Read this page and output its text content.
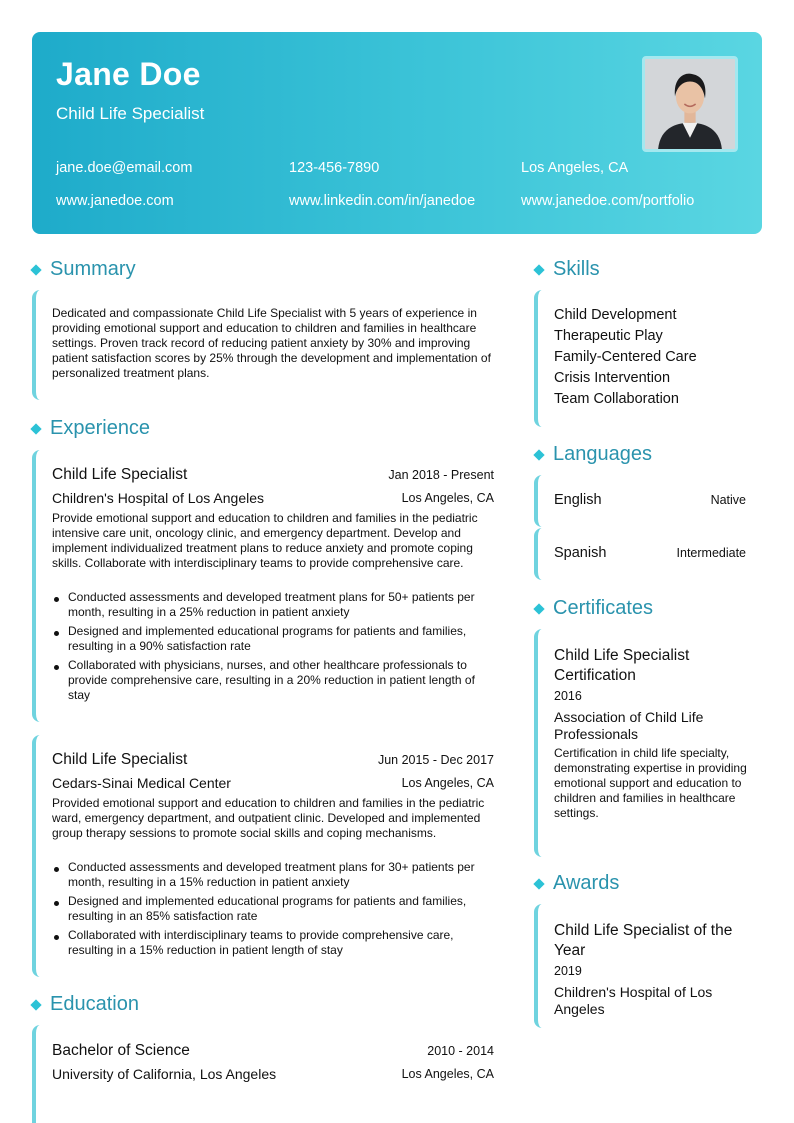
Jane Doe
Child Life Specialist
jane.doe@email.com	123-456-7890	Los Angeles, CA
www.janedoe.com	www.linkedin.com/in/janedoe	www.janedoe.com/portfolio
Summary
Dedicated and compassionate Child Life Specialist with 5 years of experience in providing emotional support and education to children and families in healthcare settings. Proven track record of reducing patient anxiety by 30% and improving patient satisfaction scores by 25% through the development and implementation of personalized treatment plans.
Experience
Child Life Specialist	Jan 2018 - Present
Children's Hospital of Los Angeles	Los Angeles, CA
Provide emotional support and education to children and families in the pediatric intensive care unit, oncology clinic, and emergency department. Develop and implement individualized treatment plans to reduce anxiety and promote coping skills. Collaborate with interdisciplinary teams to provide comprehensive care.
Conducted assessments and developed treatment plans for 50+ patients per month, resulting in a 25% reduction in patient anxiety
Designed and implemented educational programs for patients and families, resulting in a 90% satisfaction rate
Collaborated with physicians, nurses, and other healthcare professionals to provide comprehensive care, resulting in a 20% reduction in patient length of stay
Child Life Specialist	Jun 2015 - Dec 2017
Cedars-Sinai Medical Center	Los Angeles, CA
Provided emotional support and education to children and families in the pediatric ward, emergency department, and outpatient clinic. Developed and implemented group therapy sessions to promote social skills and coping mechanisms.
Conducted assessments and developed treatment plans for 30+ patients per month, resulting in a 15% reduction in patient anxiety
Designed and implemented educational programs for patients and families, resulting in an 85% satisfaction rate
Collaborated with interdisciplinary teams to provide comprehensive care, resulting in a 15% reduction in patient length of stay
Education
Bachelor of Science	2010 - 2014
University of California, Los Angeles	Los Angeles, CA
Skills
Child Development
Therapeutic Play
Family-Centered Care
Crisis Intervention
Team Collaboration
Languages
English	Native
Spanish	Intermediate
Certificates
Child Life Specialist Certification
2016
Association of Child Life Professionals
Certification in child life specialty, demonstrating expertise in providing emotional support and education to children and families in healthcare settings.
Awards
Child Life Specialist of the Year
2019
Children's Hospital of Los Angeles
